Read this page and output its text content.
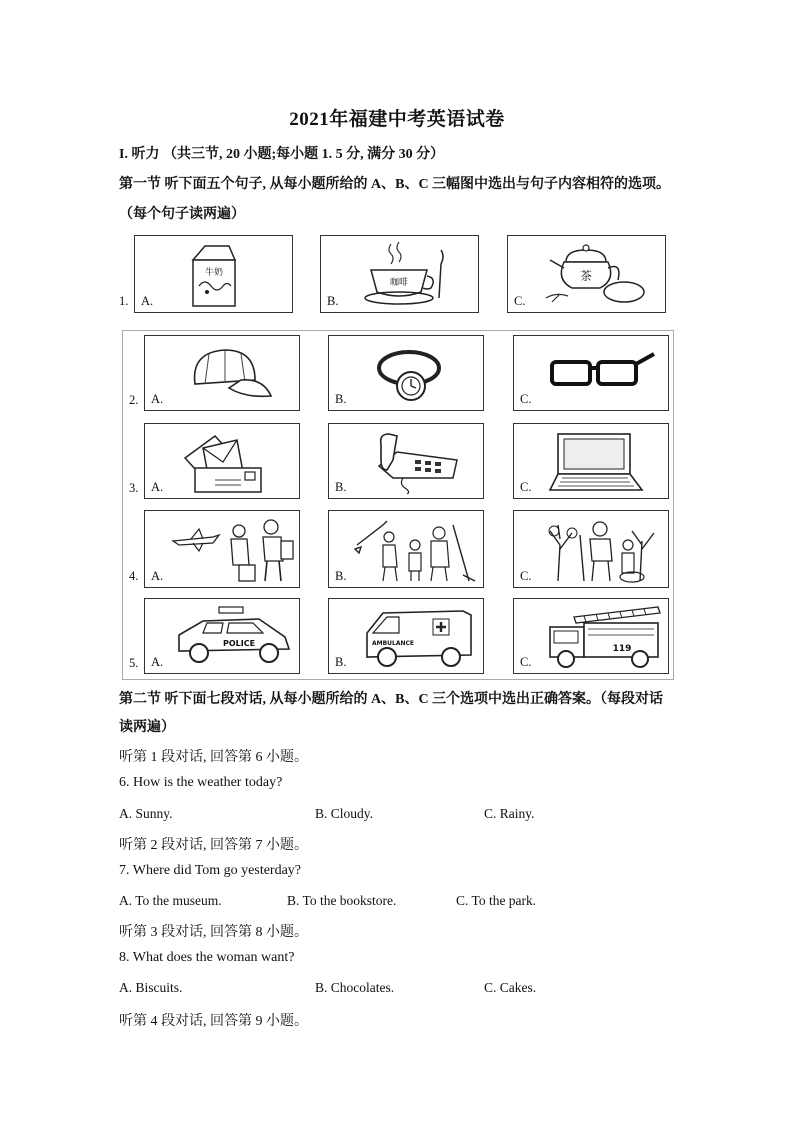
2021年福建中考英语试卷
I. 听力 （共三节, 20 小题;每小题 1. 5 分, 满分 30 分）
第一节 听下面五个句子, 从每小题所给的 A、B、C 三幅图中选出与句子内容相符的选项。
（每个句子读两遍）
1.
牛奶
A.
咖啡
B.
茶
C.
2. A.	B.	C.
3. A.	B.	C.
4. A.	B.	C.
5.
POLICE
A.
AMBULANCE
B.
119
C.
第二节 听下面七段对话, 从每小题所给的 A、B、C 三个选项中选出正确答案。（每段对话
读两遍）
听第 1 段对话, 回答第 6 小题。
6. How is the weather today?
A. Sunny.	B. Cloudy.	C. Rainy.
听第 2 段对话, 回答第 7 小题。
7. Where did Tom go yesterday?
A. To the museum.	B. To the bookstore.	C. To the park.
听第 3 段对话, 回答第 8 小题。
8. What does the woman want?
A. Biscuits.	B. Chocolates.	C. Cakes.
听第 4 段对话, 回答第 9 小题。
